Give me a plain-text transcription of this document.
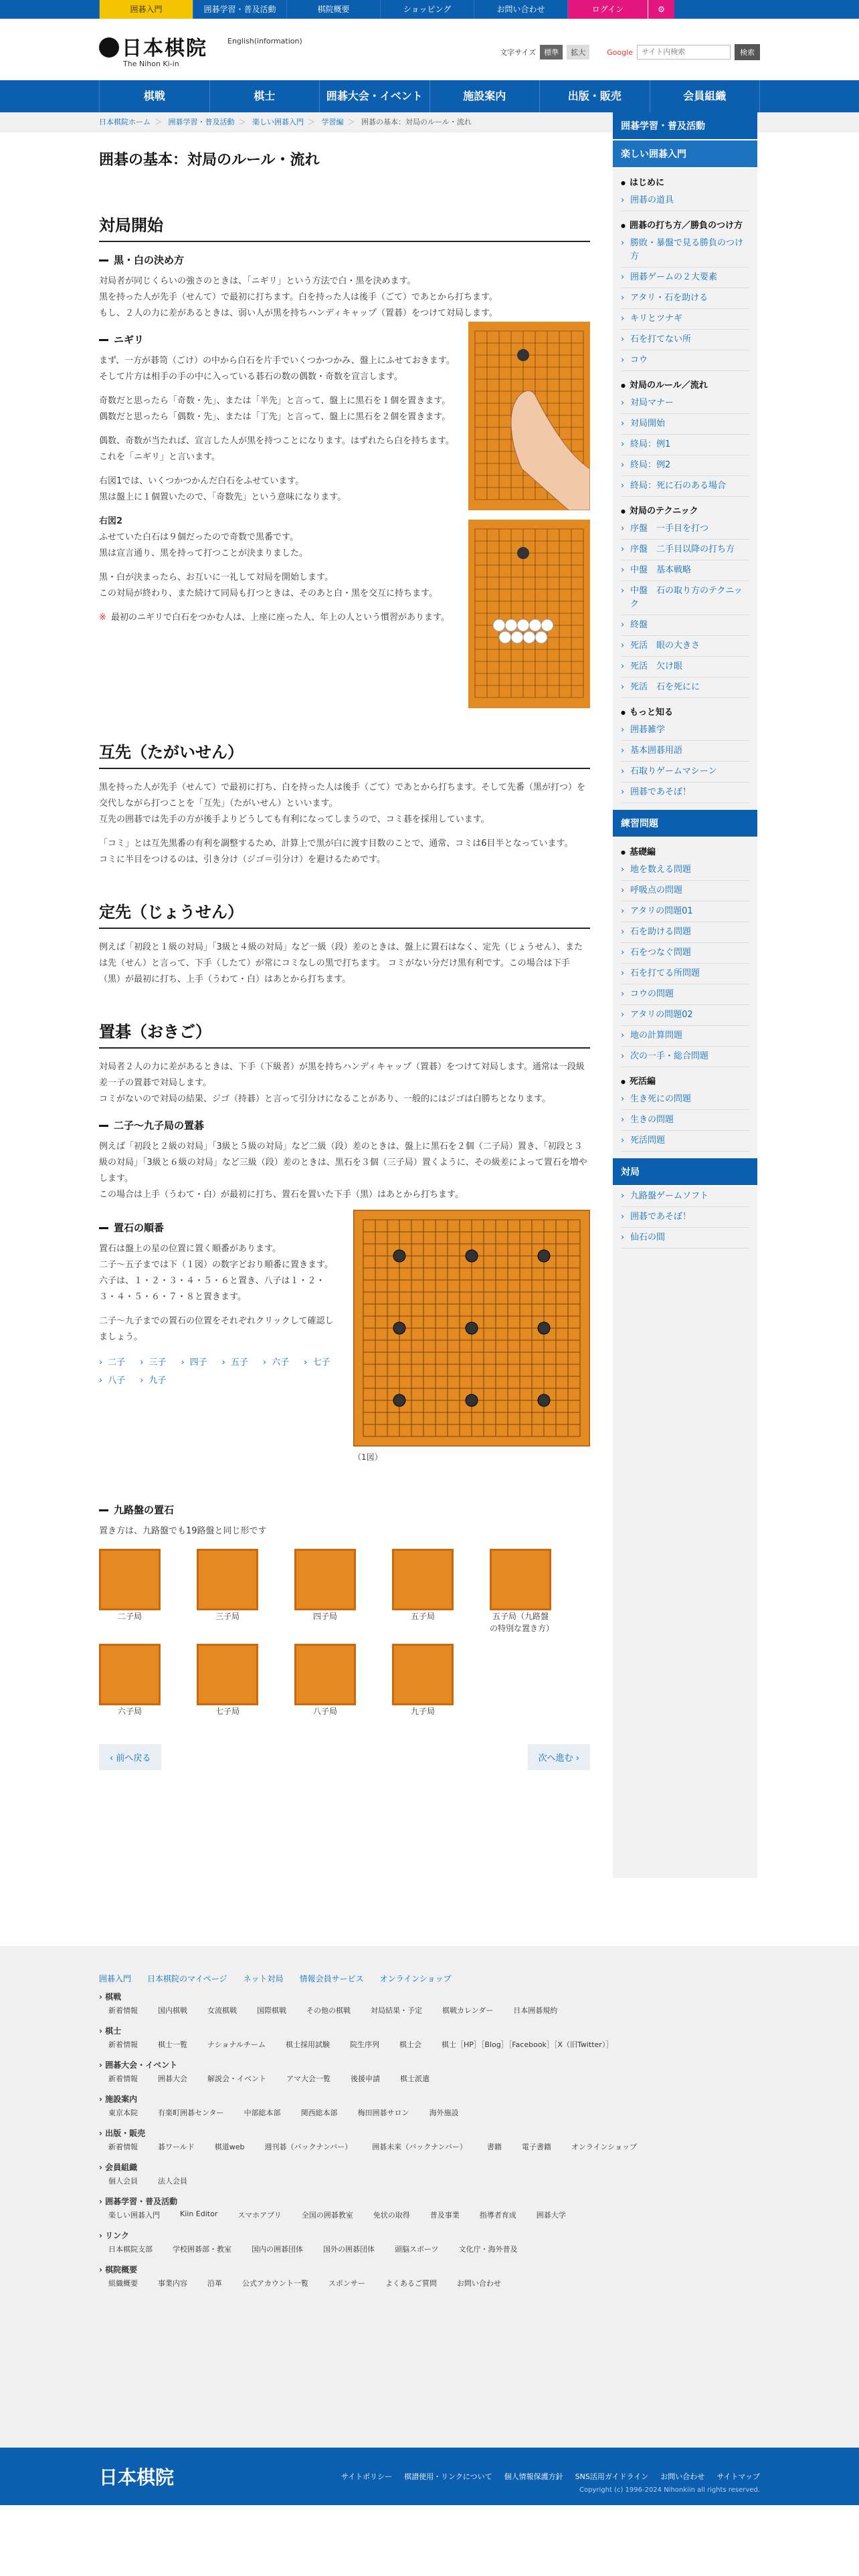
囲碁入門	囲碁学習・普及活動	棋院概要	ショッピング	お問い合わせ	ログイン	⚙
日本棋院
The Nihon Ki-in
English(information)
文字サイズ	標準	拡大	Google
サイト内検索	検索
棋戦	棋士	囲碁大会・イベント	施設案内	出版・販売	会員組織
日本棋院ホーム ＞ 囲碁学習・普及活動 ＞ 楽しい囲碁入門 ＞ 学習編 ＞ 囲碁の基本：対局のルール・流れ
囲碁の基本：対局のルール・流れ
対局開始
黒・白の決め方

対局者が同じくらいの強さのときは、「ニギリ」という方法で白・黒を決めます。

黒を持った人が先手（せんて）で最初に打ちます。白を持った人は後手（ごて）であとから打ちます。

もし、２人の力に差があるときは、弱い人が黒を持ちハンディキャップ（置碁）をつけて対局します。

ニギリ

まず、一方が碁笥（ごけ）の中から白石を片手でいくつかつかみ、盤上にふせておきます。

そして片方は相手の手の中に入っている碁石の数の偶数・奇数を宣言します。

奇数だと思ったら「奇数・先」、または「半先」と言って、盤上に黒石を１個を置きます。

偶数だと思ったら「偶数・先」、または「丁先」と言って、盤上に黒石を２個を置きます。

偶数、奇数が当たれば、宣言した人が黒を持つことになります。はずれたら白を持ちます。

これを「ニギリ」と言います。

右図1では、いくつかつかんだ白石をふせています。

黒は盤上に１個置いたので、「奇数先」という意味になります。

右図2

ふせていた白石は９個だったので奇数で黒番です。

黒は宣言通り、黒を持って打つことが決まりました。

黒・白が決まったら、お互いに一礼して対局を開始します。

この対局が終わり、また続けて同局も打つときは、そのあと白・黒を交互に持ちます。

※ 最初のニギリで白石をつかむ人は、上座に座った人、年上の人という慣習があります。

互先（たがいせん）

黒を持った人が先手（せんて）で最初に打ち、白を持った人は後手（ごて）であとから打ちます。そして先番（黒が打つ）を交代しながら打つことを「互先」（たがいせん）といいます。

互先の囲碁では先手の方が後手よりどうしても有利になってしまうので、コミ碁を採用しています。

「コミ」とは互先黒番の有利を調整するため、計算上で黒が白に渡す目数のことで、通常、コミは6目半となっています。

コミに半目をつけるのは、引き分け（ジゴ＝引分け）を避けるためです。

定先（じょうせん）

例えば「初段と１級の対局」「3級と４級の対局」など一級（段）差のときは、盤上に置石はなく、定先（じょうせん）、または先（せん）と言って、下手（したて）が常にコミなしの黒で打ちます。 コミがない分だけ黒有利です。この場合は下手（黒）が最初に打ち、上手（うわて・白）はあとから打ちます。

置碁（おきご）

対局者２人の力に差があるときは、下手（下級者）が黒を持ちハンディキャップ（置碁）をつけて対局します。通常は一段級差一子の置碁で対局します。

コミがないので対局の結果、ジゴ（持碁）と言って引分けになることがあり、一般的にはジゴは白勝ちとなります。

二子〜九子局の置碁

例えば「初段と２級の対局」「3級と５級の対局」など二級（段）差のときは、盤上に黒石を２個（二子局）置き、「初段と３級の対局」「3級と６級の対局」など三級（段）差のときは、黒石を３個（三子局）置くように、その級差によって置石を増やします。

この場合は上手（うわて・白）が最初に打ち、置石を置いた下手（黒）はあとから打ちます。

置石の順番

置石は盤上の星の位置に置く順番があります。

二子〜五子までは下（１図）の数字どおり順番に置きます。

六子は、１・２・３・４・５・６と置き、八子は１・２・３・４・５・６・７・８と置きます。

二子〜九子までの置石の位置をそれぞれクリックして確認しましょう。

› 二子	› 三子	› 四子	› 五子	› 六子	› 七子
› 八子	› 九子

（1図）

九路盤の置石

置き方は、九路盤でも19路盤と同じ形です

二子局	三子局	四子局	五子局	五子局（九路盤の特別な置き方）
六子局	七子局	八子局	九子局
‹ 前へ戻る	次へ進む ›
囲碁学習・普及活動
楽しい囲碁入門
● はじめに
› 囲碁の道具
● 囲碁の打ち方／勝負のつけ方
› 勝敗・暴盤で見る勝負のつけ方
› 囲碁ゲームの２大要素
› アタリ・石を助ける
› キリとツナギ
› 石を打てない所
› コウ
● 対局のルール／流れ
› 対局マナー
› 対局開始
› 終局：例1
› 終局：例2
› 終局：死に石のある場合
● 対局のテクニック
› 序盤　一手目を打つ
› 序盤　二手目以降の打ち方
› 中盤　基本戦略
› 中盤　石の取り方のテクニック
› 終盤
› 死活　眼の大きさ
› 死活　欠け眼
› 死活　石を死にに
● もっと知る
› 囲碁雑学
› 基本囲碁用語
› 石取りゲームマシーン
› 囲碁であそぼ！
練習問題
● 基礎編
› 地を数える問題
› 呼吸点の問題
› アタリの問題01
› 石を助ける問題
› 石をつなぐ問題
› 石を打てる所問題
› コウの問題
› アタリの問題02
› 地の計算問題
› 次の一手・総合問題
● 死活編
› 生き死にの問題
› 生きの問題
› 死活問題
対局
› 九路盤ゲームソフト
› 囲碁であそぼ！
› 仙石の間
囲碁入門 日本棋院のマイページ ネット対局 情報会員サービス オンラインショップ
› 棋戦
新着情報	国内棋戦	女流棋戦	国際棋戦	その他の棋戦	対局結果・予定	棋戦カレンダー	日本囲碁規約
› 棋士
新着情報	棋士一覧	ナショナルチーム	棋士採用試験	院生序列	棋士会	棋士［HP］［Blog］［Facebook］［X（旧Twitter）］
› 囲碁大会・イベント
新着情報	囲碁大会	解説会・イベント	アマ大会一覧	後援申請	棋士派遣
› 施設案内
東京本院	有楽町囲碁センター	中部総本部	関西総本部	梅田囲碁サロン	海外施設
› 出版・販売
新着情報	碁ワールド	棋道web	週刊碁（バックナンバー）	囲碁未来（バックナンバー）	書籍	電子書籍	オンラインショップ
› 会員組織
個人会員	法人会員
› 囲碁学習・普及活動
楽しい囲碁入門	Kiin Editor	スマホアプリ	全国の囲碁教室	免状の取得	普及事業	指導者育成	囲碁大学
› リンク
日本棋院支部	学校囲碁部・教室	国内の囲碁団体	国外の囲碁団体	頭脳スポーツ	文化庁・海外普及
› 棋院概要
組織概要	事業内容	沿革	公式アカウント一覧	スポンサー	よくあるご質問	お問い合わせ
日本棋院	サイトポリシー 棋譜使用・リンクについて 個人情報保護方針 SNS活用ガイドライン お問い合わせ サイトマップ
Copyright (c) 1996-2024 Nihonkiin all rights reserved.
